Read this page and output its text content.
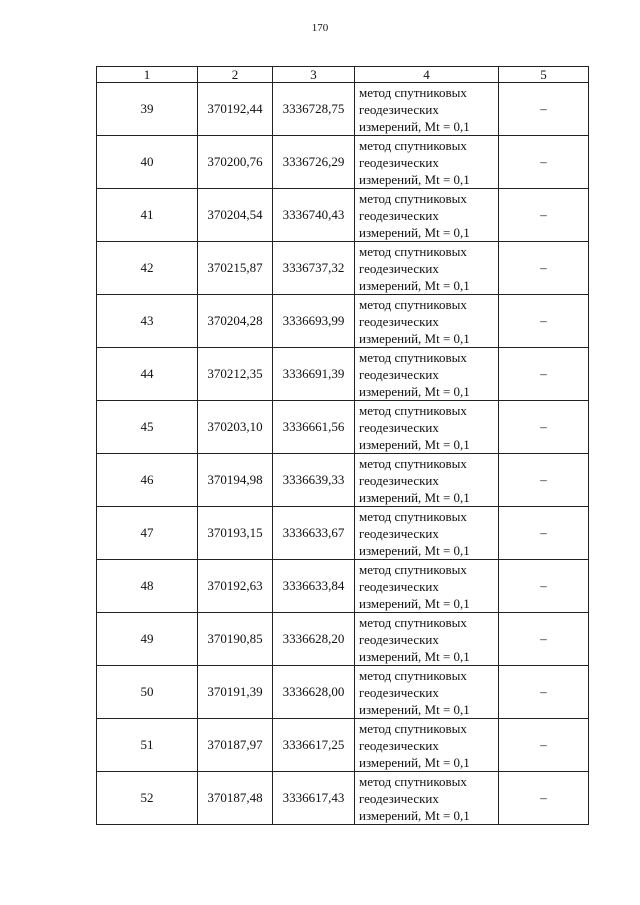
170
1	2	3	4	5
39	370192,44	3336728,75	метод спутниковых
геодезических
измерений, Mt = 0,1	–
40	370200,76	3336726,29	метод спутниковых
геодезических
измерений, Mt = 0,1	–
41	370204,54	3336740,43	метод спутниковых
геодезических
измерений, Mt = 0,1	–
42	370215,87	3336737,32	метод спутниковых
геодезических
измерений, Mt = 0,1	–
43	370204,28	3336693,99	метод спутниковых
геодезических
измерений, Mt = 0,1	–
44	370212,35	3336691,39	метод спутниковых
геодезических
измерений, Mt = 0,1	–
45	370203,10	3336661,56	метод спутниковых
геодезических
измерений, Mt = 0,1	–
46	370194,98	3336639,33	метод спутниковых
геодезических
измерений, Mt = 0,1	–
47	370193,15	3336633,67	метод спутниковых
геодезических
измерений, Mt = 0,1	–
48	370192,63	3336633,84	метод спутниковых
геодезических
измерений, Mt = 0,1	–
49	370190,85	3336628,20	метод спутниковых
геодезических
измерений, Mt = 0,1	–
50	370191,39	3336628,00	метод спутниковых
геодезических
измерений, Mt = 0,1	–
51	370187,97	3336617,25	метод спутниковых
геодезических
измерений, Mt = 0,1	–
52	370187,48	3336617,43	метод спутниковых
геодезических
измерений, Mt = 0,1	–
